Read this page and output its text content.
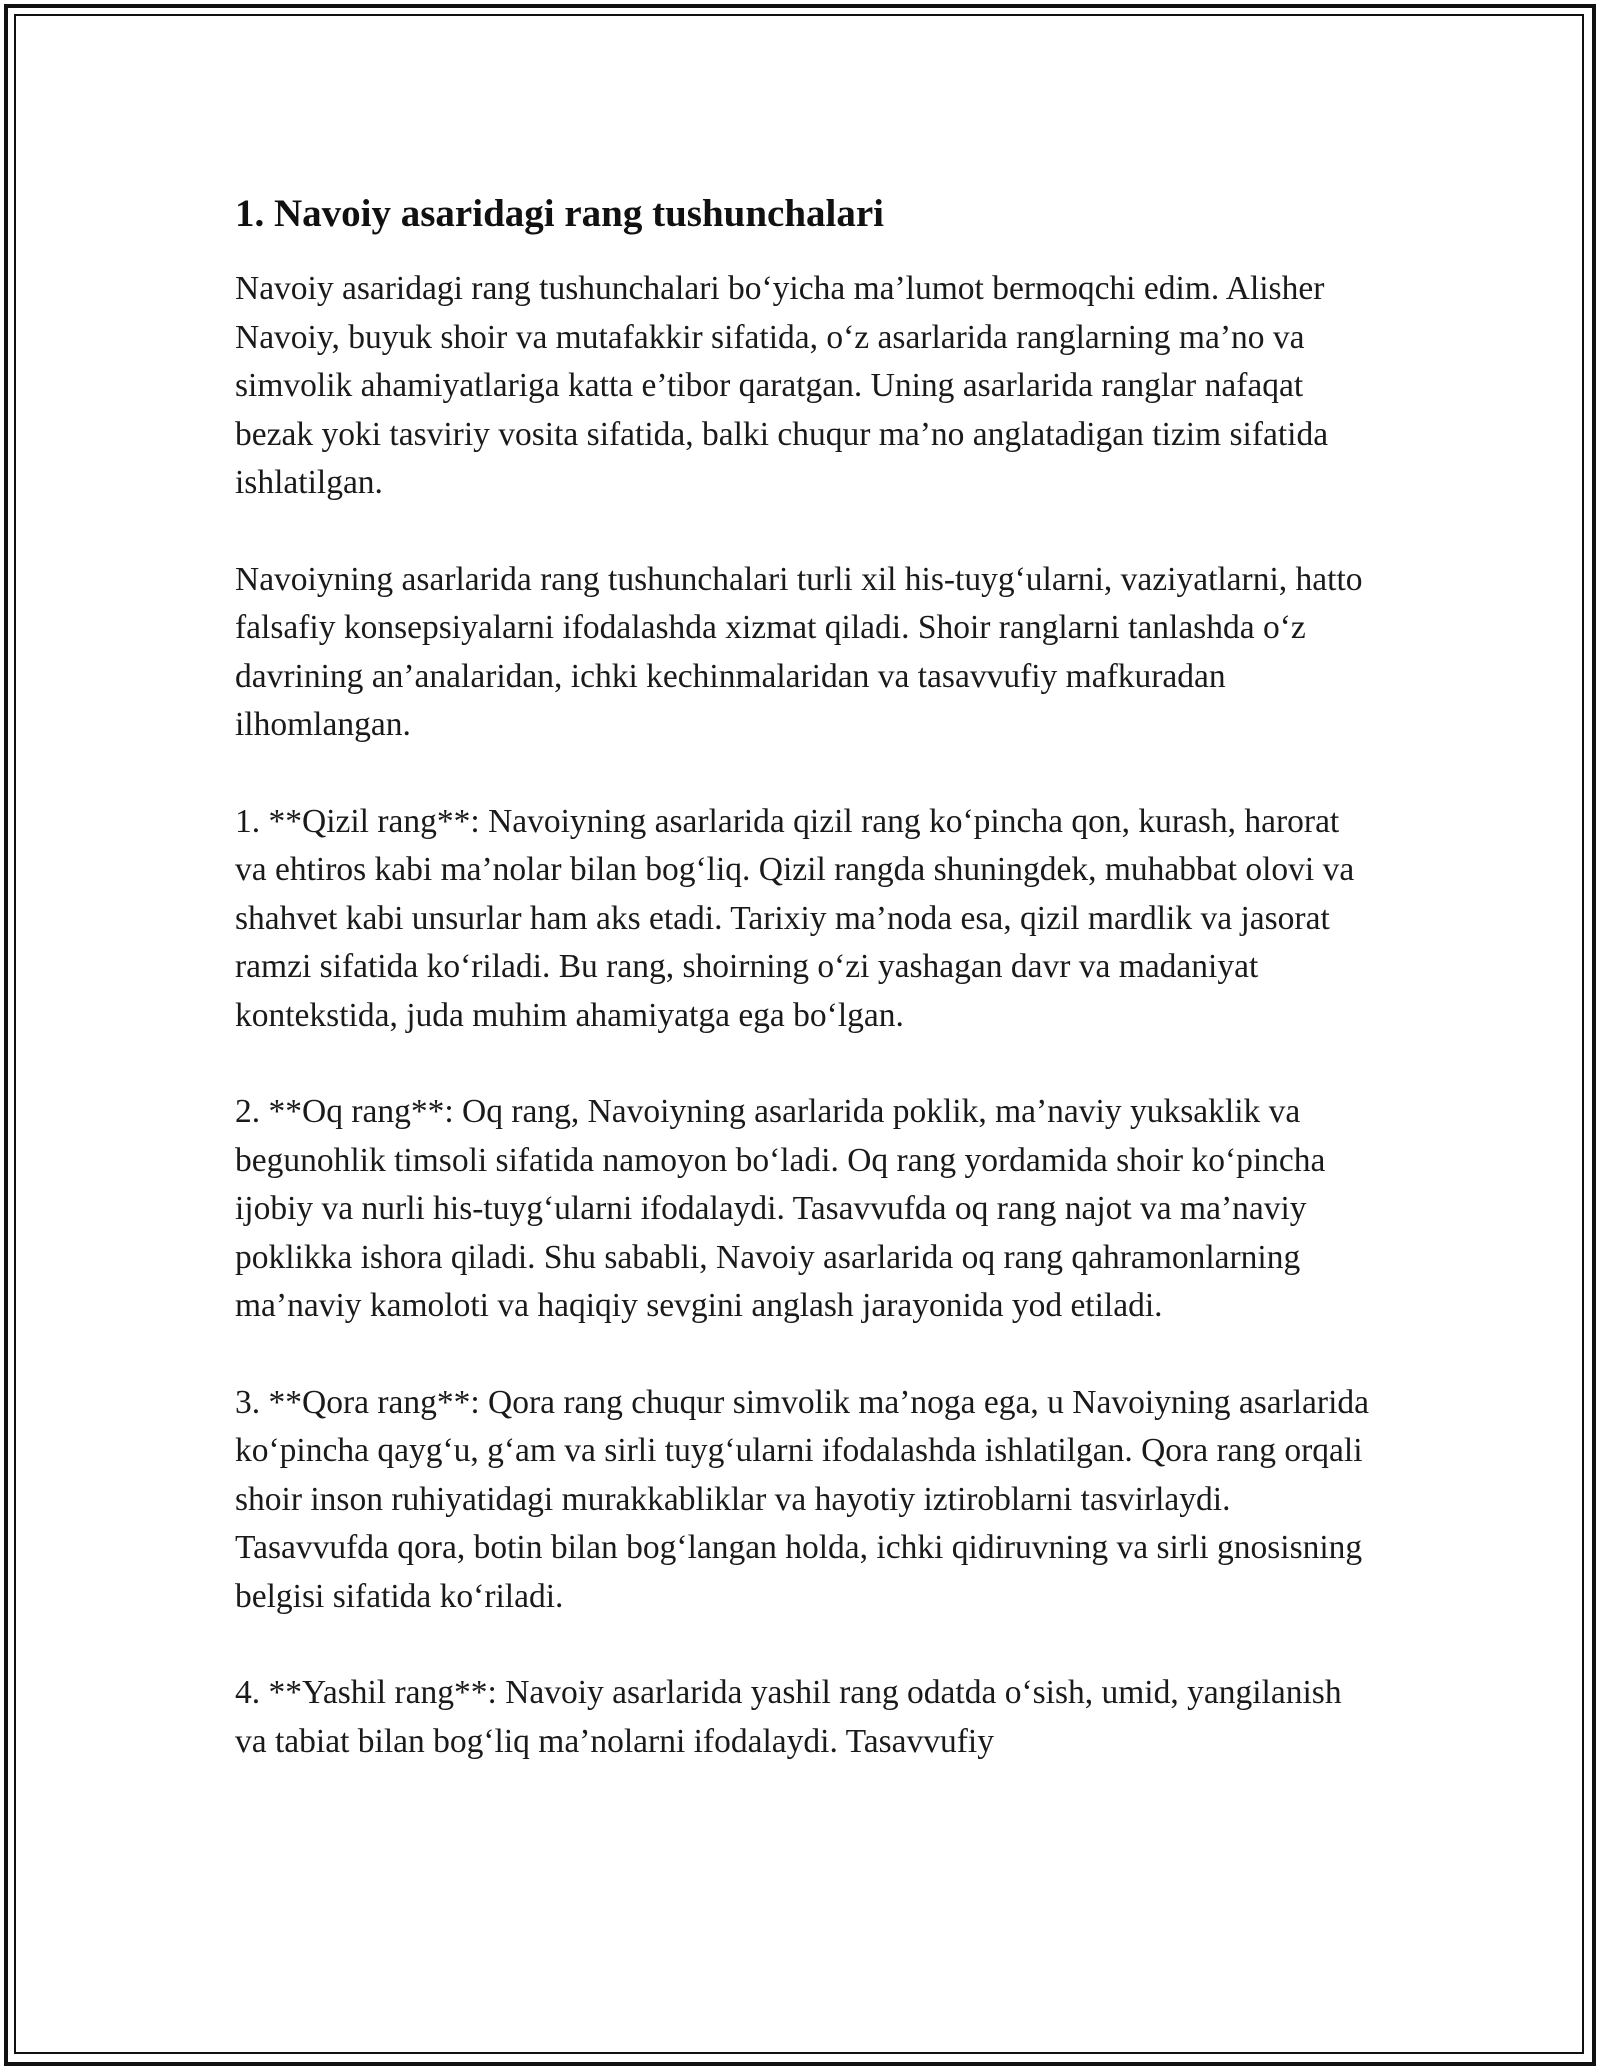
1. Navoiy asaridagi rang tushunchalari

Navoiy asaridagi rang tushunchalari bo‘yicha ma’lumot bermoqchi edim. Alisher Navoiy, buyuk shoir va mutafakkir sifatida, o‘z asarlarida ranglarning ma’no va simvolik ahamiyatlariga katta e’tibor qaratgan. Uning asarlarida ranglar nafaqat bezak yoki tasviriy vosita sifatida, balki chuqur ma’no anglatadigan tizim sifatida ishlatilgan.

Navoiyning asarlarida rang tushunchalari turli xil his-tuyg‘ularni, vaziyatlarni, hatto falsafiy konsepsiyalarni ifodalashda xizmat qiladi. Shoir ranglarni tanlashda o‘z davrining an’analaridan, ichki kechinmalaridan va tasavvufiy mafkuradan ilhomlangan.

1. **Qizil rang**: Navoiyning asarlarida qizil rang ko‘pincha qon, kurash, harorat va ehtiros kabi ma’nolar bilan bog‘liq. Qizil rangda shuningdek, muhabbat olovi va shahvet kabi unsurlar ham aks etadi. Tarixiy ma’noda esa, qizil mardlik va jasorat ramzi sifatida ko‘riladi. Bu rang, shoirning o‘zi yashagan davr va madaniyat kontekstida, juda muhim ahamiyatga ega bo‘lgan.

2. **Oq rang**: Oq rang, Navoiyning asarlarida poklik, ma’naviy yuksaklik va begunohlik timsoli sifatida namoyon bo‘ladi. Oq rang yordamida shoir ko‘pincha ijobiy va nurli his-tuyg‘ularni ifodalaydi. Tasavvufda oq rang najot va ma’naviy poklikka ishora qiladi. Shu sababli, Navoiy asarlarida oq rang qahramonlarning ma’naviy kamoloti va haqiqiy sevgini anglash jarayonida yod etiladi.

3. **Qora rang**: Qora rang chuqur simvolik ma’noga ega, u Navoiyning asarlarida ko‘pincha qayg‘u, g‘am va sirli tuyg‘ularni ifodalashda ishlatilgan. Qora rang orqali shoir inson ruhiyatidagi murakkabliklar va hayotiy iztiroblarni tasvirlaydi. Tasavvufda qora, botin bilan bog‘langan holda, ichki qidiruvning va sirli gnosisning belgisi sifatida ko‘riladi.

4. **Yashil rang**: Navoiy asarlarida yashil rang odatda o‘sish, umid, yangilanish va tabiat bilan bog‘liq ma’nolarni ifodalaydi. Tasavvufiy
